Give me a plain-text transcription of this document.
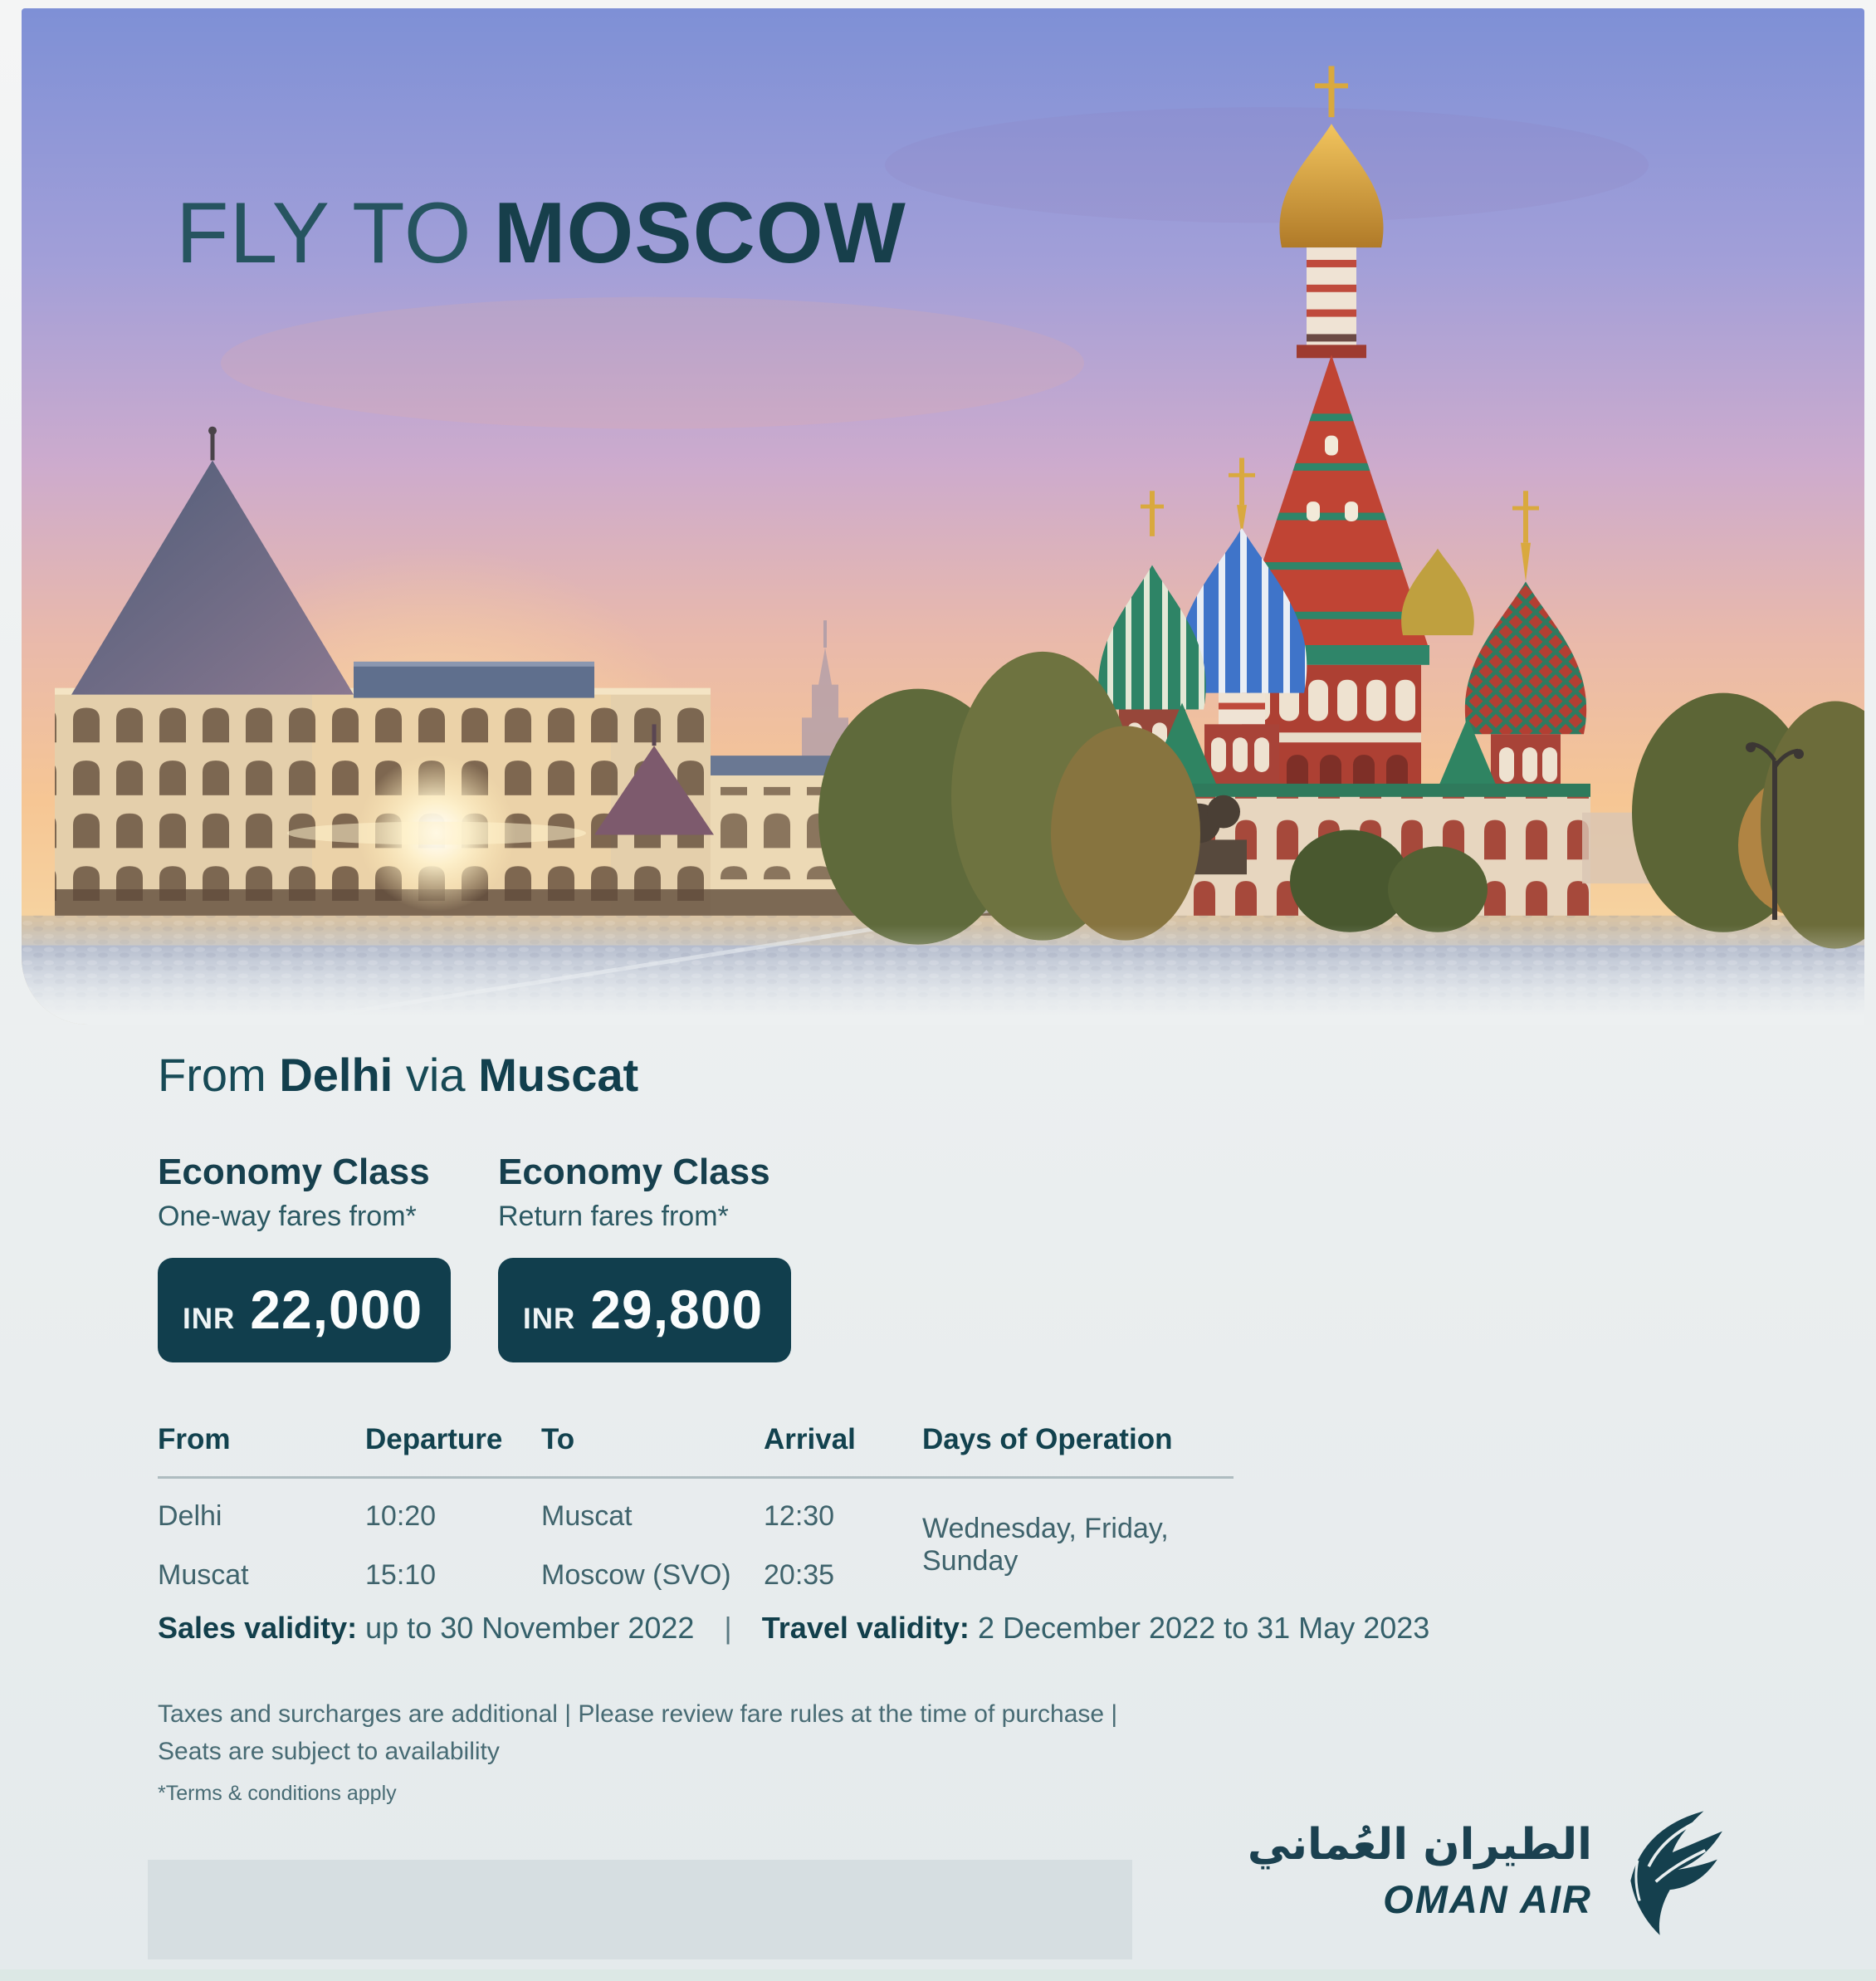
FLY TO MOSCOW
From Delhi via Muscat
Economy Class
One-way fares from*
INR 22,000
Economy Class
Return fares from*
INR 29,800
From	Departure	To	Arrival	Days of Operation
Delhi	10:20	Muscat	12:30	Wednesday, Friday, Sunday
Muscat	15:10	Moscow (SVO)	20:35
Sales validity: up to 30 November 2022 | Travel validity: 2 December 2022 to 31 May 2023
Taxes and surcharges are additional | Please review fare rules at the time of purchase | Seats are subject to availability
*Terms & conditions apply
الطيران العُماني
OMAN AIR
